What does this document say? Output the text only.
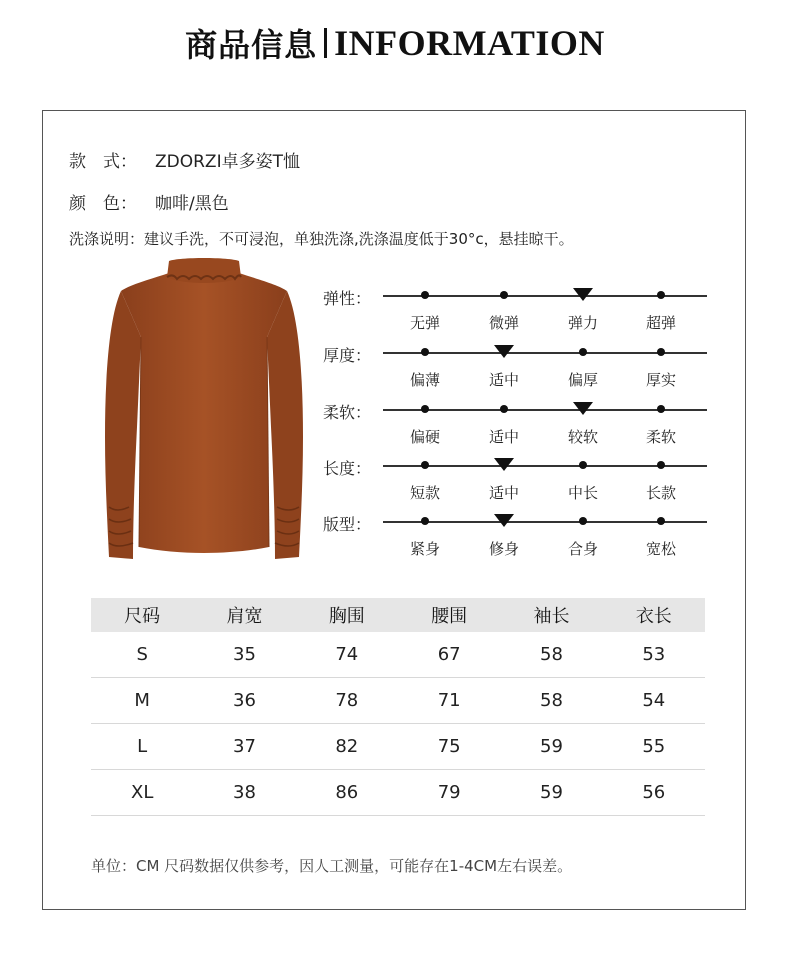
商品信息 INFORMATION
款　式： ZDORZI卓多姿T恤
颜　色： 咖啡/黑色
洗涤说明：建议手洗，不可浸泡，单独洗涤,洗涤温度低于30°c，悬挂晾干。
弹性：
无弹	微弹	弹力	超弹
厚度：
偏薄	适中	偏厚	厚实
柔软：
偏硬	适中	较软	柔软
长度：
短款	适中	中长	长款
版型：
紧身	修身	合身	宽松
尺码	肩宽	胸围	腰围	袖长	衣长
S	35	74	67	58	53
M	36	78	71	58	54
L	37	82	75	59	55
XL	38	86	79	59	56
单位：CM 尺码数据仅供参考，因人工测量，可能存在1-4CM左右误差。
